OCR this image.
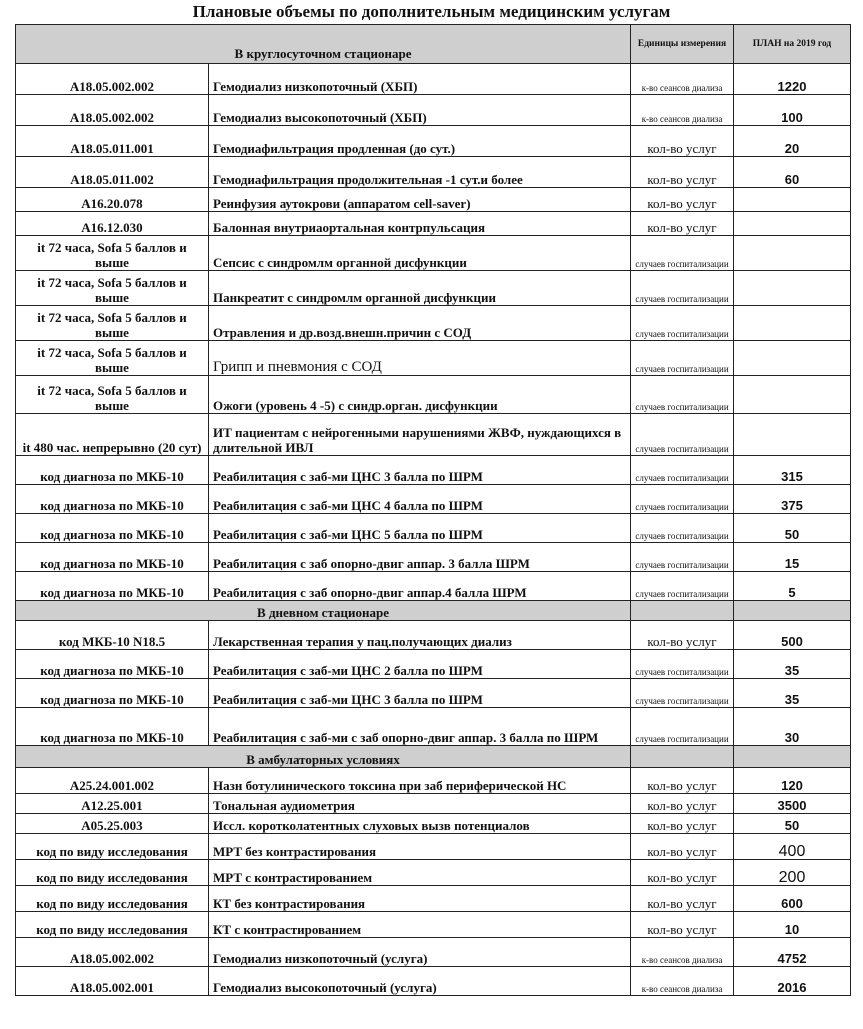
Плановые объемы по дополнительным медицинским услугам
В круглосуточном стационаре		Единицы измерения	ПЛАН на 2019 год
A18.05.002.002	Гемодиализ низкопоточный (ХБП)	к-во сеансов диализа	1220
A18.05.002.002	Гемодиализ высокопоточный (ХБП)	к-во сеансов диализа	100
A18.05.011.001	Гемодиафильтрация продленная (до сут.)	кол-во услуг	20
A18.05.011.002	Гемодиафильтрация продолжительная -1 сут.и более	кол-во услуг	60
A16.20.078	Реинфузия аутокрови (аппаратом cell-saver)	кол-во услуг	
A16.12.030	Балонная внутриаортальная контрпульсация	кол-во услуг	
it 72 часа, Sofa 5 баллов и выше	Сепсис с синдромлм органной дисфункции	случаев госпитализации	
it 72 часа, Sofa 5 баллов и выше	Панкреатит с синдромлм органной дисфункции	случаев госпитализации	
it 72 часа, Sofa 5 баллов и выше	Отравления и др.возд.внешн.причин с СОД	случаев госпитализации	
it 72 часа, Sofa 5 баллов и выше	Грипп и пневмония с СОД	случаев госпитализации	
it 72 часа, Sofa 5 баллов и выше	Ожоги (уровень 4 -5) с синдр.орган. дисфункции	случаев госпитализации	
it 480 час. непрерывно (20 сут)	ИТ пациентам с нейрогенными нарушениями ЖВФ, нуждающихся в длительной ИВЛ	случаев госпитализации	
код диагноза по МКБ-10	Реабилитация с заб-ми ЦНС 3 балла по ШРМ	случаев госпитализации	315
код диагноза по МКБ-10	Реабилитация с заб-ми ЦНС 4 балла по ШРМ	случаев госпитализации	375
код диагноза по МКБ-10	Реабилитация с заб-ми ЦНС 5 балла по ШРМ	случаев госпитализации	50
код диагноза по МКБ-10	Реабилитация с заб опорно-двиг аппар. 3 балла ШРМ	случаев госпитализации	15
код диагноза по МКБ-10	Реабилитация с заб опорно-двиг аппар.4 балла ШРМ	случаев госпитализации	5
В дневном стационаре			
код МКБ-10 N18.5	Лекарственная терапия у пац.получающих диализ	кол-во услуг	500
код диагноза по МКБ-10	Реабилитация с заб-ми ЦНС 2 балла по ШРМ	случаев госпитализации	35
код диагноза по МКБ-10	Реабилитация с заб-ми ЦНС 3 балла по ШРМ	случаев госпитализации	35
код диагноза по МКБ-10	Реабилитация с заб-ми с заб опорно-двиг аппар. 3 балла по ШРМ	случаев госпитализации	30
В амбулаторных условиях			
A25.24.001.002	Назн ботулинического токсина при заб периферической НС	кол-во услуг	120
A12.25.001	Тональная аудиометрия	кол-во услуг	3500
A05.25.003	Иссл. коротколатентных слуховых вызв потенциалов	кол-во услуг	50
код по виду исследования	МРТ без контрастирования	кол-во услуг	400
код по виду исследования	МРТ с контрастированием	кол-во услуг	200
код по виду исследования	КТ без контрастирования	кол-во услуг	600
код по виду исследования	КТ с контрастированием	кол-во услуг	10
A18.05.002.002	Гемодиализ низкопоточный (услуга)	к-во сеансов диализа	4752
A18.05.002.001	Гемодиализ высокопоточный (услуга)	к-во сеансов диализа	2016
